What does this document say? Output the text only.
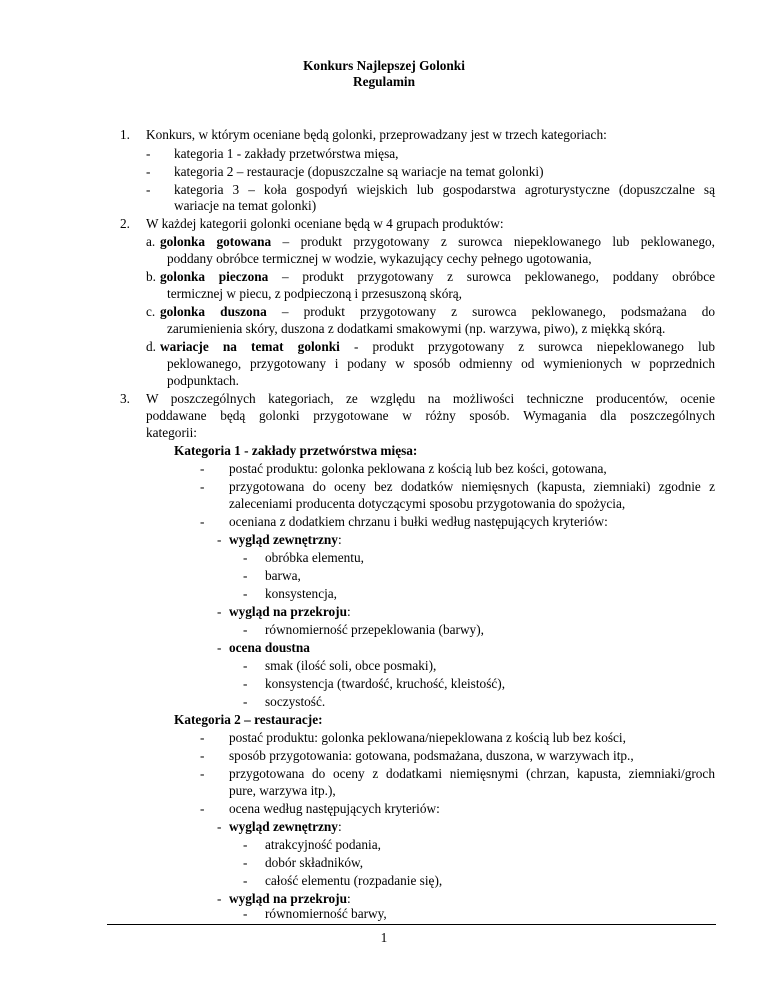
Konkurs Najlepszej Golonki
Regulamin
1. Konkurs, w którym oceniane będą golonki, przeprowadzany jest w trzech kategoriach:
- kategoria 1 - zakłady przetwórstwa mięsa,
- kategoria 2 – restauracje (dopuszczalne są wariacje na temat golonki)
- kategoria 3 – koła gospodyń wiejskich lub gospodarstwa agroturystyczne (dopuszczalne są
wariacje na temat golonki)
2. W każdej kategorii golonki oceniane będą w 4 grupach produktów:
a. golonka gotowana – produkt przygotowany z surowca niepeklowanego lub peklowanego,
poddany obróbce termicznej w wodzie, wykazujący cechy pełnego ugotowania,
b. golonka pieczona – produkt przygotowany z surowca peklowanego, poddany obróbce
termicznej w piecu, z podpieczoną i przesuszoną skórą,
c. golonka duszona – produkt przygotowany z surowca peklowanego, podsmażana do
zarumienienia skóry, duszona z dodatkami smakowymi (np. warzywa, piwo), z miękką skórą.
d. wariacje na temat golonki - produkt przygotowany z surowca niepeklowanego lub
peklowanego, przygotowany i podany w sposób odmienny od wymienionych w poprzednich
podpunktach.
3. W poszczególnych kategoriach, ze względu na możliwości techniczne producentów, ocenie
poddawane będą golonki przygotowane w różny sposób. Wymagania dla poszczególnych
kategorii:
Kategoria 1 - zakłady przetwórstwa mięsa:
- postać produktu: golonka peklowana z kością lub bez kości, gotowana,
- przygotowana do oceny bez dodatków niemięsnych (kapusta, ziemniaki) zgodnie z
zaleceniami producenta dotyczącymi sposobu przygotowania do spożycia,
- oceniana z dodatkiem chrzanu i bułki według następujących kryteriów:
- wygląd zewnętrzny:
- obróbka elementu,
- barwa,
- konsystencja,
- wygląd na przekroju:
- równomierność przepeklowania (barwy),
- ocena doustna
- smak (ilość soli, obce posmaki),
- konsystencja (twardość, kruchość, kleistość),
- soczystość.
Kategoria 2 – restauracje:
- postać produktu: golonka peklowana/niepeklowana z kością lub bez kości,
- sposób przygotowania: gotowana, podsmażana, duszona, w warzywach itp.,
- przygotowana do oceny z dodatkami niemięsnymi (chrzan, kapusta, ziemniaki/groch
pure, warzywa itp.),
- ocena według następujących kryteriów:
- wygląd zewnętrzny:
- atrakcyjność podania,
- dobór składników,
- całość elementu (rozpadanie się),
- wygląd na przekroju:
- równomierność barwy,
1
